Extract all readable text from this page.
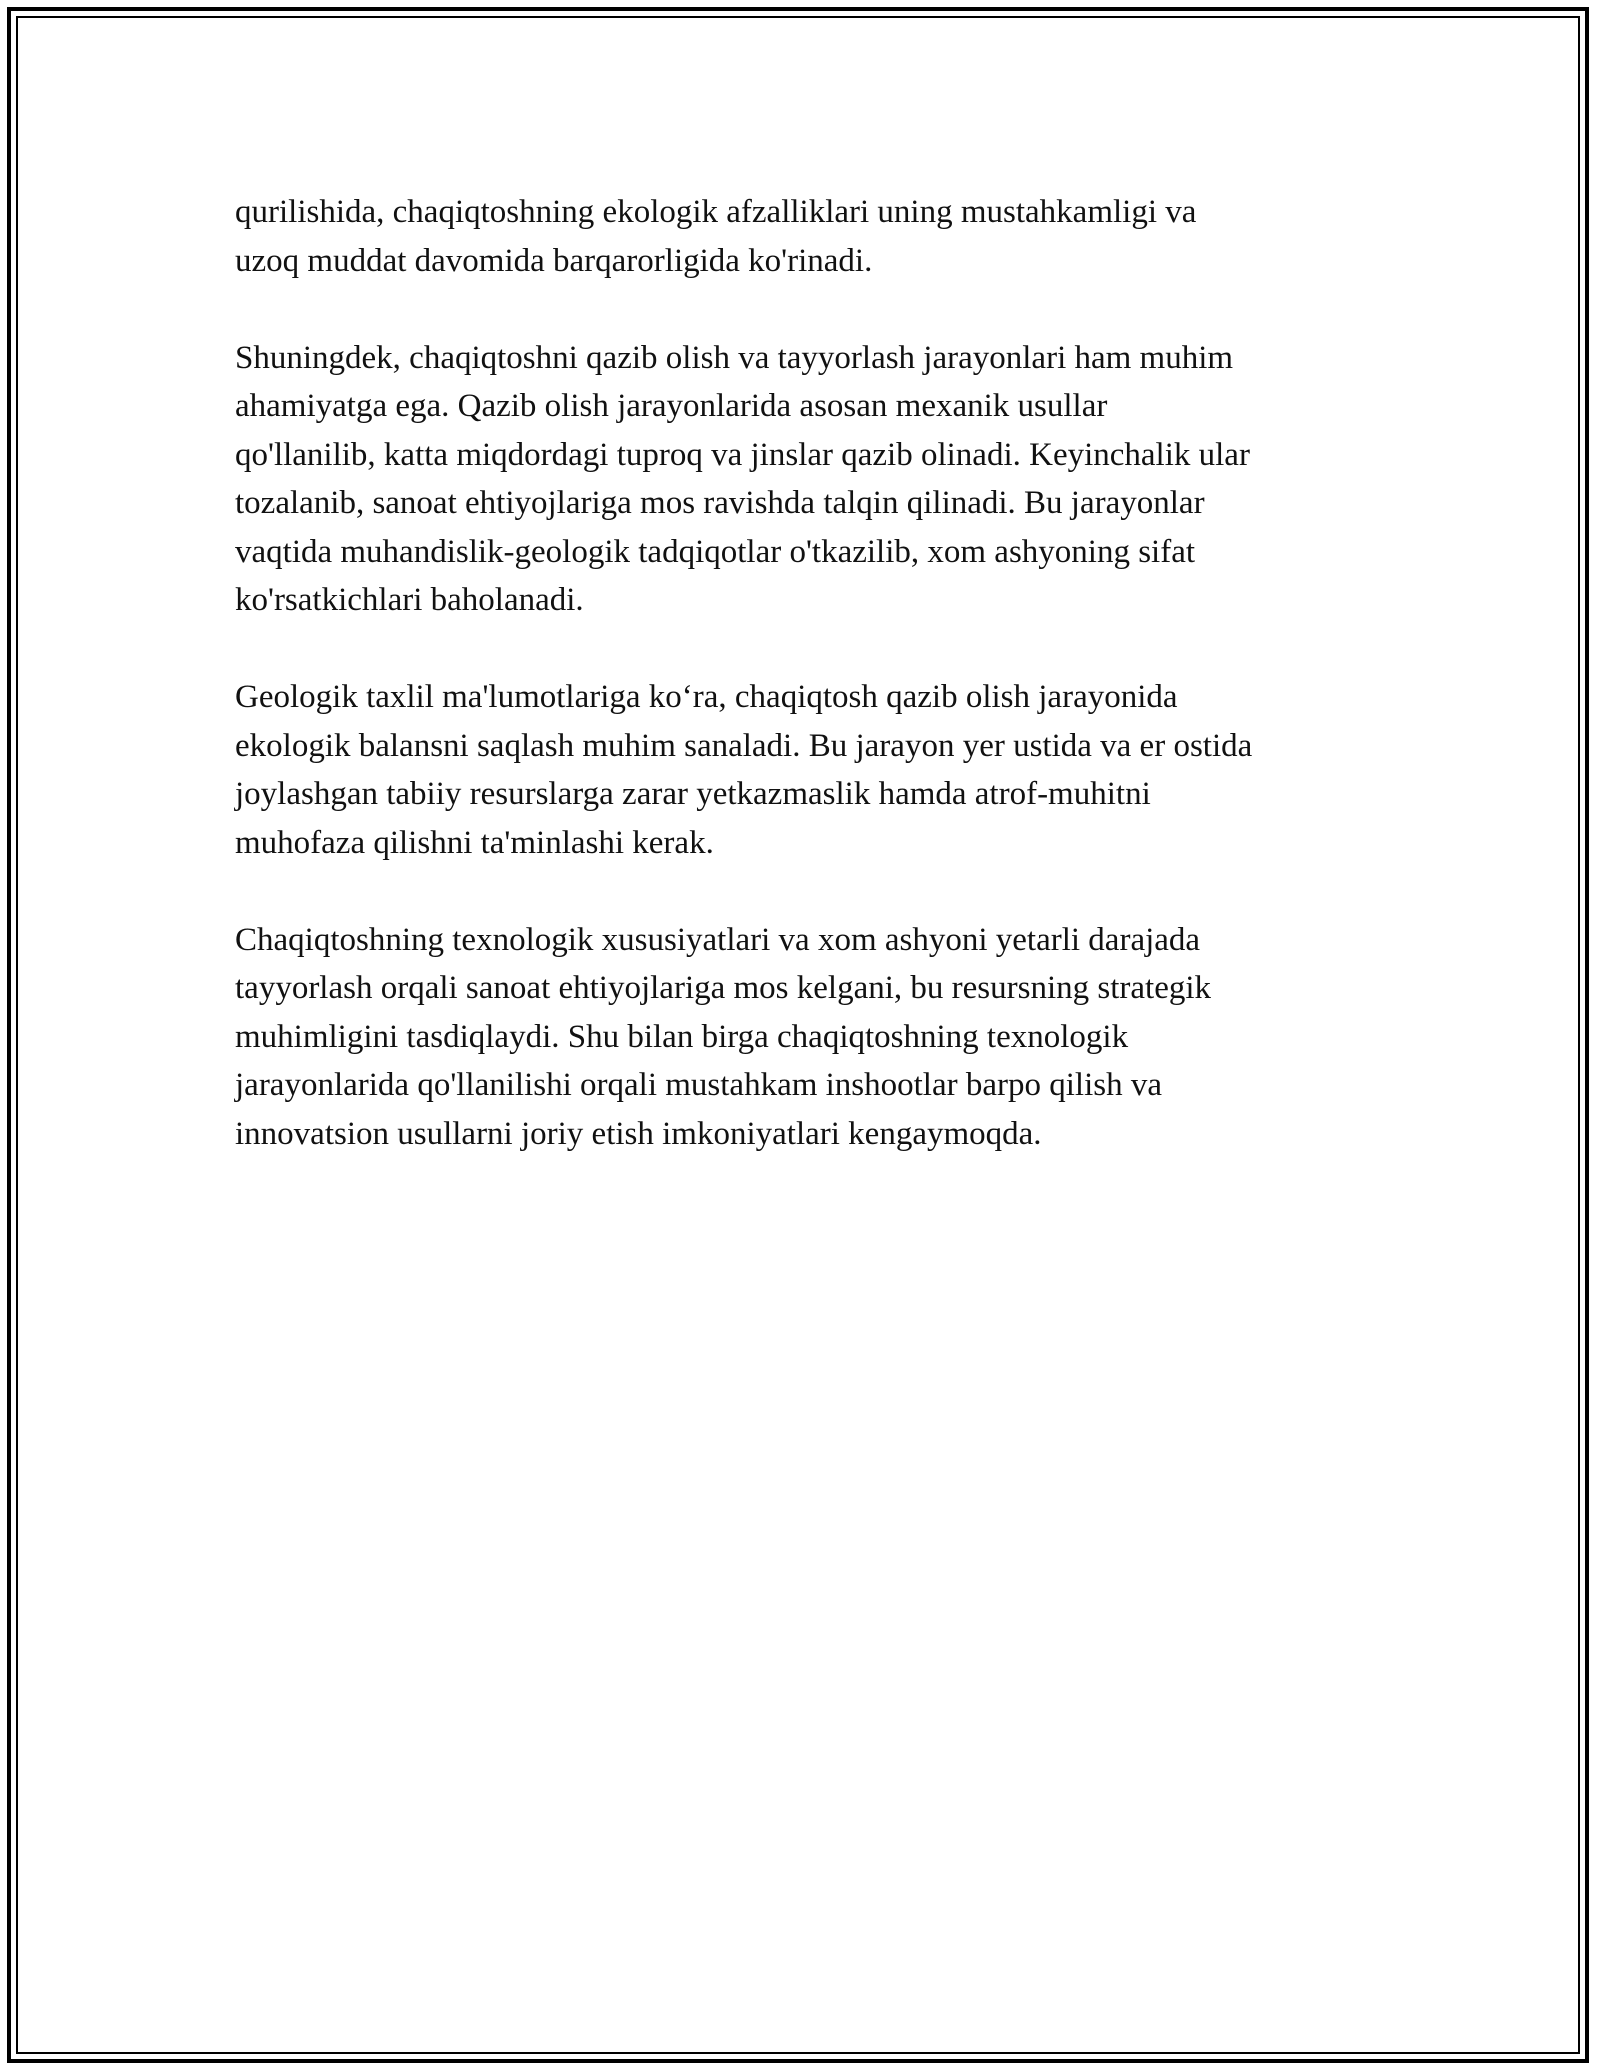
qurilishida, chaqiqtoshning ekologik afzalliklari uning mustahkamligi va
uzoq muddat davomida barqarorligida ko'rinadi.

Shuningdek, chaqiqtoshni qazib olish va tayyorlash jarayonlari ham muhim
ahamiyatga ega. Qazib olish jarayonlarida asosan mexanik usullar
qo'llanilib, katta miqdordagi tuproq va jinslar qazib olinadi. Keyinchalik ular
tozalanib, sanoat ehtiyojlariga mos ravishda talqin qilinadi. Bu jarayonlar
vaqtida muhandislik-geologik tadqiqotlar o'tkazilib, xom ashyoning sifat
ko'rsatkichlari baholanadi.

Geologik taxlil ma'lumotlariga ko‘ra, chaqiqtosh qazib olish jarayonida
ekologik balansni saqlash muhim sanaladi. Bu jarayon yer ustida va er ostida
joylashgan tabiiy resurslarga zarar yetkazmaslik hamda atrof-muhitni
muhofaza qilishni ta'minlashi kerak.

Chaqiqtoshning texnologik xususiyatlari va xom ashyoni yetarli darajada
tayyorlash orqali sanoat ehtiyojlariga mos kelgani, bu resursning strategik
muhimligini tasdiqlaydi. Shu bilan birga chaqiqtoshning texnologik
jarayonlarida qo'llanilishi orqali mustahkam inshootlar barpo qilish va
innovatsion usullarni joriy etish imkoniyatlari kengaymoqda.
